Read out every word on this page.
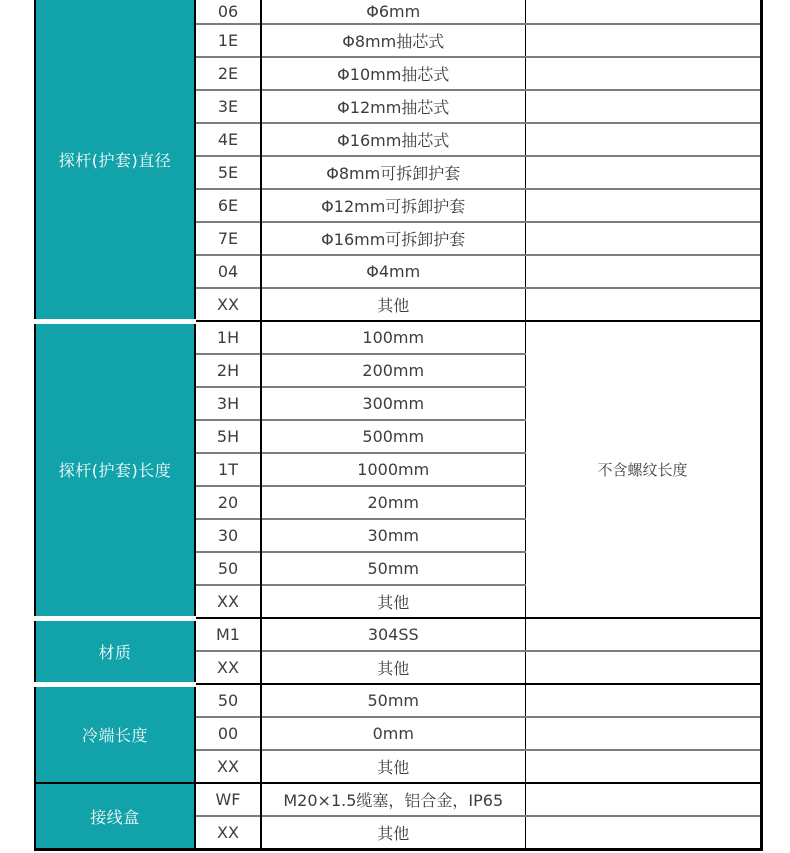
探杆(护套)直径	06	Φ6mm	
	1E	Φ8mm抽芯式	
	2E	Φ10mm抽芯式	
	3E	Φ12mm抽芯式	
	4E	Φ16mm抽芯式	
	5E	Φ8mm可拆卸护套	
	6E	Φ12mm可拆卸护套	
	7E	Φ16mm可拆卸护套	
	04	Φ4mm	
	XX	其他	
探杆(护套)长度	1H	100mm	不含螺纹长度
	2H	200mm	
	3H	300mm	
	5H	500mm	
	1T	1000mm	
	20	20mm	
	30	30mm	
	50	50mm	
	XX	其他	
材质	M1	304SS	
	XX	其他	
冷端长度	50	50mm	
	00	0mm	
	XX	其他	
接线盒	WF	M20×1.5缆塞，铝合金，IP65	
	XX	其他	
